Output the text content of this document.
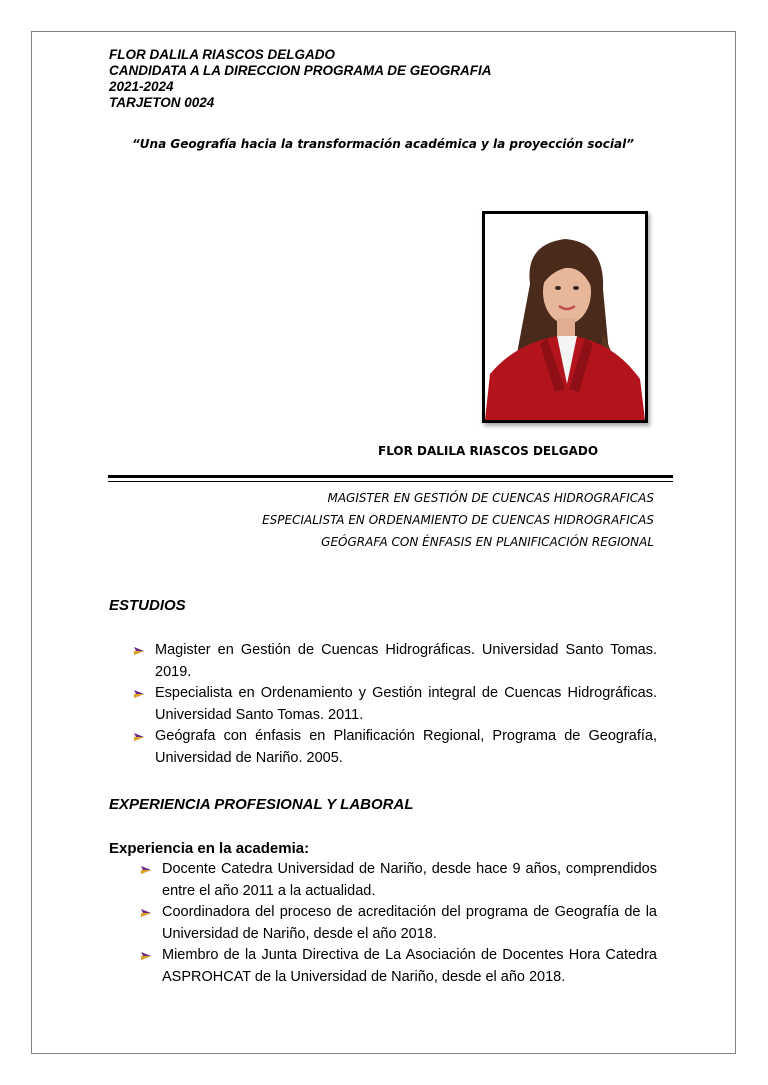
FLOR DALILA RIASCOS DELGADO
CANDIDATA A LA DIRECCION PROGRAMA DE GEOGRAFIA
2021-2024
TARJETON 0024
“Una Geografía hacia la transformación académica y la proyección social”
FLOR DALILA RIASCOS DELGADO
MAGISTER EN GESTIÓN DE CUENCAS HIDROGRAFICAS
ESPECIALISTA EN ORDENAMIENTO DE CUENCAS HIDROGRAFICAS
GEÓGRAFA CON ÉNFASIS EN PLANIFICACIÓN REGIONAL
ESTUDIOS
Magister en Gestión de Cuencas Hidrográficas. Universidad Santo Tomas. 2019.
Especialista en Ordenamiento y Gestión integral de Cuencas Hidrográficas. Universidad Santo Tomas. 2011.
Geógrafa con énfasis en Planificación Regional, Programa de Geografía, Universidad de Nariño. 2005.
EXPERIENCIA PROFESIONAL Y LABORAL
Experiencia en la academia:
Docente Catedra Universidad de Nariño, desde hace 9 años, comprendidos entre el año 2011 a la actualidad.
Coordinadora del proceso de acreditación del programa de Geografía de la Universidad de Nariño, desde el año 2018.
Miembro de la Junta Directiva de La Asociación de Docentes Hora Catedra ASPROHCAT de la Universidad de Nariño, desde el año 2018.
